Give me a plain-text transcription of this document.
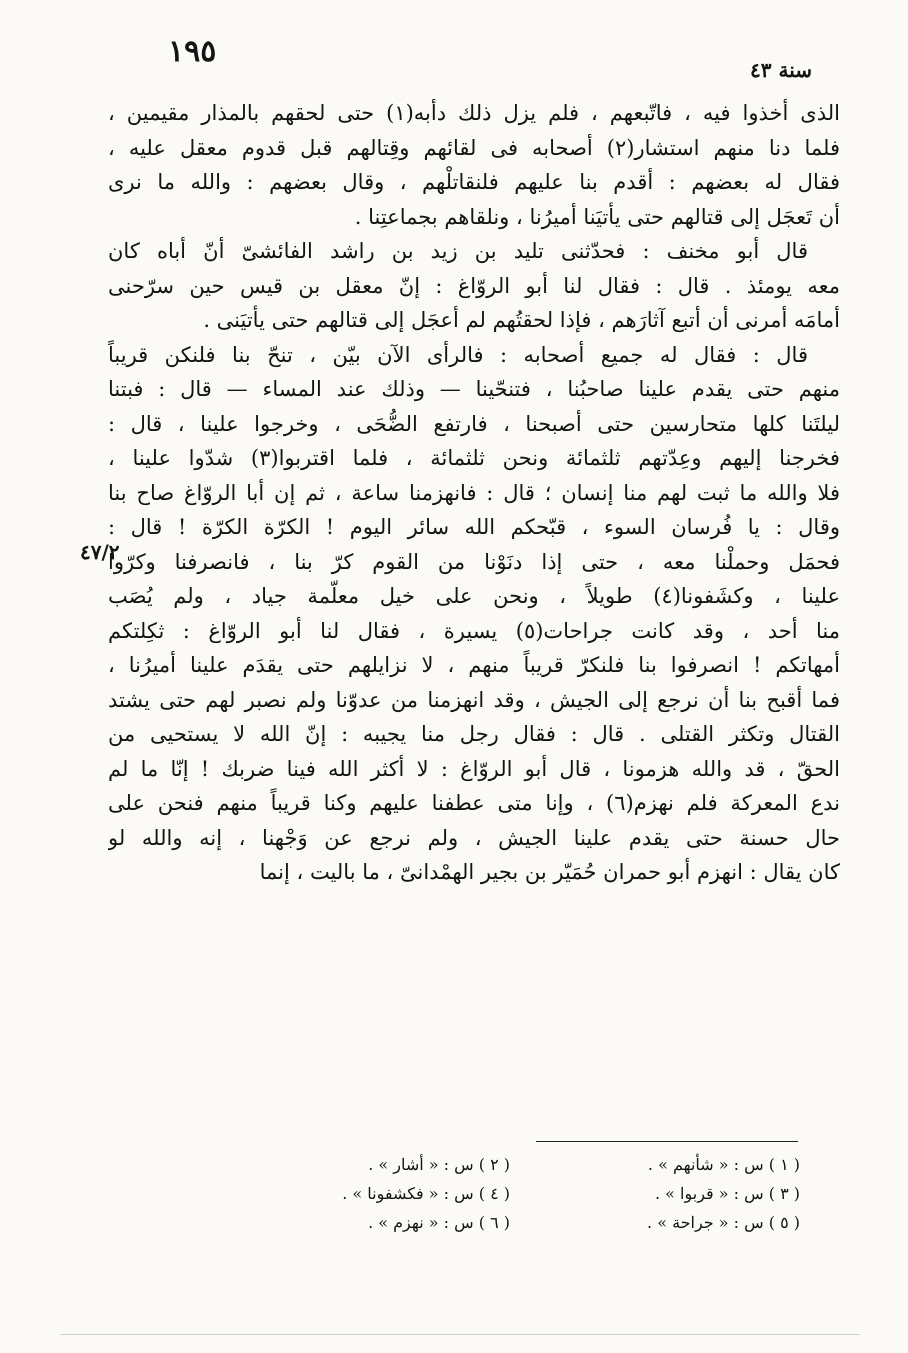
١٩٥
سنة ٤٣
٤٧/٢
الذى أخذوا فيه ، فاتّبعهم ، فلم يزل ذلك دأبه(١) حتى لحقهم بالمذار مقيمين ،
فلما دنا منهم استشار(٢) أصحابه فى لقائهم وقِتالهم قبل قدوم معقل عليه ،
فقال له بعضهم : أقدم بنا عليهم فلنقاتلْهم ، وقال بعضهم : والله ما نرى
أن تَعجَل إلى قتالهم حتى يأتيَنا أميرُنا ، ونلقاهم بجماعتِنا .
قال أبو مخنف : فحدّثنى تليد بن زيد بن راشد الفائشىّ أنّ أباه كان
معه يومئذ . قال : فقال لنا أبو الروّاغ : إنّ معقل بن قيس حين سرّحنى
أمامَه أمرنى أن أتبع آثارَهم ، فإذا لحقتُهم لم أعجَل إلى قتالهم حتى يأتيَنى .
قال : فقال له جميع أصحابه : فالرأى الآن بيّن ، تنحّ بنا فلنكن قريباً
منهم حتى يقدم علينا صاحبُنا ، فتنحّينا — وذلك عند المساء — قال : فبتنا
ليلتَنا كلها متحارسين حتى أصبحنا ، فارتفع الضُّحَى ، وخرجوا علينا ، قال :
فخرجنا إليهم وعِدّتهم ثلثمائة ونحن ثلثمائة ، فلما اقتربوا(٣) شدّوا علينا ،
فلا والله ما ثبت لهم منا إنسان ؛ قال : فانهزمنا ساعة ، ثم إن أبا الروّاغ صاح بنا
وقال : يا فُرسان السوء ، قبّحكم الله سائر اليوم ! الكرّة الكرّة ! قال :
فحمَل وحملْنا معه ، حتى إذا دنَوْنا من القوم كرّ بنا ، فانصرفنا وكرّوا
علينا ، وكشَفونا(٤) طويلاً ، ونحن على خيل معلّمة جياد ، ولم يُصَب
منا أحد ، وقد كانت جراحات(٥) يسيرة ، فقال لنا أبو الروّاغ : ثكِلتكم
أمهاتكم ! انصرفوا بنا فلنكرّ قريباً منهم ، لا نزايلهم حتى يقدَم علينا أميرُنا ،
فما أقبح بنا أن نرجع إلى الجيش ، وقد انهزمنا من عدوّنا ولم نصبر لهم حتى يشتد
القتال وتكثر القتلى . قال : فقال رجل منا يجيبه : إنّ الله لا يستحيى من
الحقّ ، قد والله هزمونا ، قال أبو الروّاغ : لا أكثر الله فينا ضربك ! إنّا ما لم
ندع المعركة فلم نهزم(٦) ، وإنا متى عطفنا عليهم وكنا قريباً منهم فنحن على
حال حسنة حتى يقدم علينا الجيش ، ولم نرجع عن وَجْهنا ، إنه والله لو
كان يقال : انهزم أبو حمران حُمَيّر بن بجير الهمْدانىّ ، ما باليت ، إنما
( ١ ) س : « شأنهم » .
( ٣ ) س : « قربوا » .
( ٥ ) س : « جراحة » .
( ٢ ) س : « أشار » .
( ٤ ) س : « فكشفونا » .
( ٦ ) س : « نهزم » .
